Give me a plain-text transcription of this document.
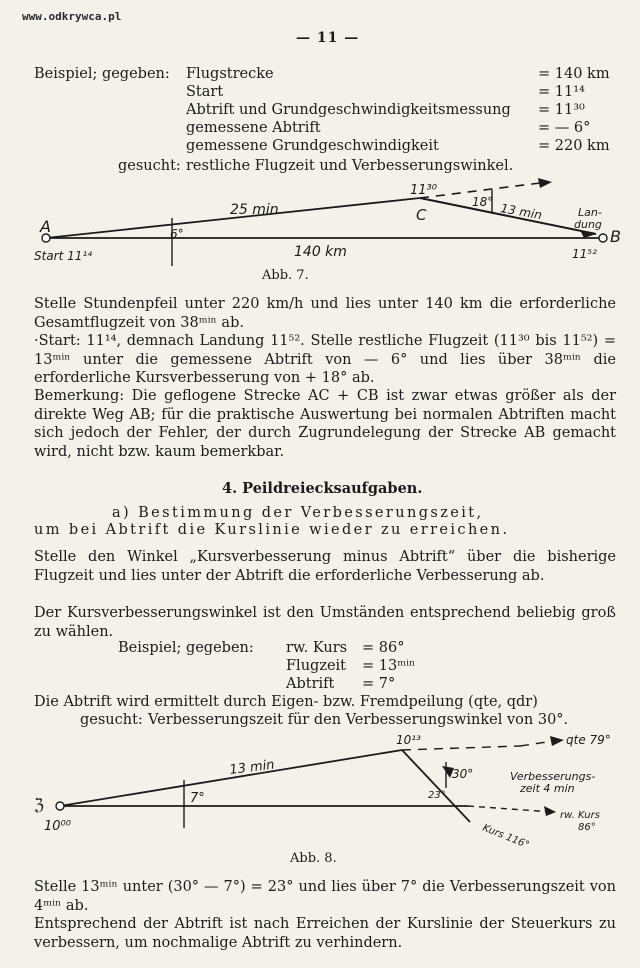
www.odkrywca.pl
— 11 —
Beispiel; gegeben: Flugstrecke	= 140 km
Start	= 11¹⁴
Abtrift und Grundgeschwindigkeitsmessung = 11³⁰
gemessene Abtrift	= — 6°
gemessene Grundgeschwindigkeit	= 220 km
gesucht: restliche Flugzeit und Verbesserungswinkel.
A
B
C
Start 11¹⁴
6°
25 min
11³⁰
18° 13 min	Lan-
dung
140 km	11⁵²
Abb. 7.
Stelle Stundenpfeil unter 220 km/h und lies unter 140 km die erforderliche Gesamtflugzeit von 38ᵐⁱⁿ ab.
·Start: 11¹⁴, demnach Landung 11⁵². Stelle restliche Flugzeit (11³⁰ bis 11⁵²) = 13ᵐⁱⁿ unter die gemessene Abtrift von — 6° und lies über 38ᵐⁱⁿ die erforderliche Kursverbesserung von + 18° ab.
Bemerkung: Die geflogene Strecke AC + CB ist zwar etwas größer als der direkte Weg AB; für die praktische Auswertung bei normalen Abtriften macht sich jedoch der Fehler, der durch Zugrundelegung der Strecke AB gemacht wird, nicht bzw. kaum bemerkbar.
4. Peildreiecksaufgaben.
a) Bestimmung der Verbesserungszeit,
um bei Abtrift die Kurslinie wieder zu erreichen.
Stelle den Winkel „Kursverbesserung minus Abtrift“ über die bisherige Flugzeit und lies unter der Abtrift die erforderliche Verbesserung ab.
Der Kursverbesserungswinkel ist den Umständen entsprechend beliebig groß zu wählen.
Beispiel; gegeben: rw. Kurs = 86°
Flugzeit = 13ᵐⁱⁿ
Abtrift = 7°
Die Abtrift wird ermittelt durch Eigen- bzw. Fremdpeilung (qte, qdr)
gesucht: Verbesserungszeit für den Verbesserungswinkel von 30°.
ℨ
10⁰⁰
7°
13 min
10¹³	qte 79°
30°	Verbesserungs-
zeit 4 min
23°
rw. Kurs
86°
Kurs 116°
Abb. 8.
Stelle 13ᵐⁱⁿ unter (30° — 7°) = 23° und lies über 7° die Verbesserungszeit von 4ᵐⁱⁿ ab.
Entsprechend der Abtrift ist nach Erreichen der Kurslinie der Steuerkurs zu verbessern, um nochmalige Abtrift zu verhindern.
